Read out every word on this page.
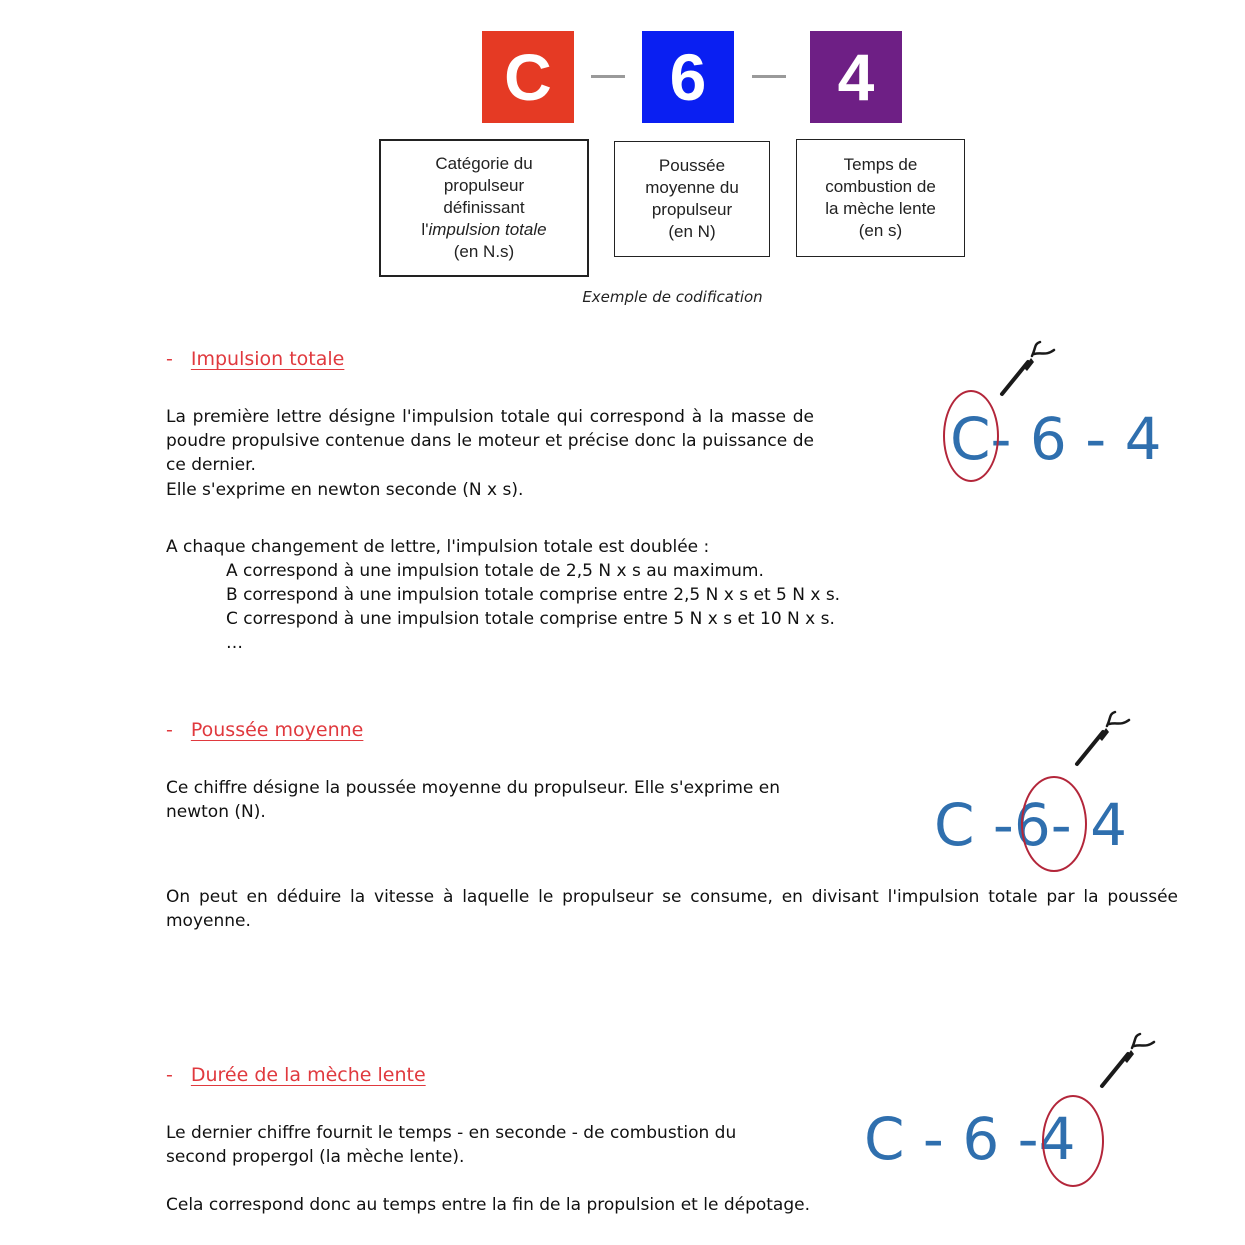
C	6	4
Catégorie du
propulseur
définissant
l'impulsion totale
(en N.s)
Poussée
moyenne du
propulseur
(en N)
Temps de
combustion de
la mèche lente
(en s)
Exemple de codification
- Impulsion totale
La première lettre désigne l'impulsion totale qui correspond à la masse de poudre propulsive contenue dans le moteur et précise donc la puissance de ce dernier.
Elle s'exprime en newton seconde (N x s).
A chaque changement de lettre, l'impulsion totale est doublée :
A correspond à une impulsion totale de 2,5 N x s au maximum.
B correspond à une impulsion totale comprise entre 2,5 N x s et 5 N x s.
C correspond à une impulsion totale comprise entre 5 N x s et 10 N x s.
…
C- 6 - 4
- Poussée moyenne
Ce chiffre désigne la poussée moyenne du propulseur. Elle s'exprime en newton (N).
On peut en déduire la vitesse à laquelle le propulseur se consume, en divisant l'impulsion totale par la poussée moyenne.
C -6- 4
- Durée de la mèche lente
Le dernier chiffre fournit le temps - en seconde - de combustion du second propergol (la mèche lente).
Cela correspond donc au temps entre la fin de la propulsion et le dépotage.
C - 6 -4
